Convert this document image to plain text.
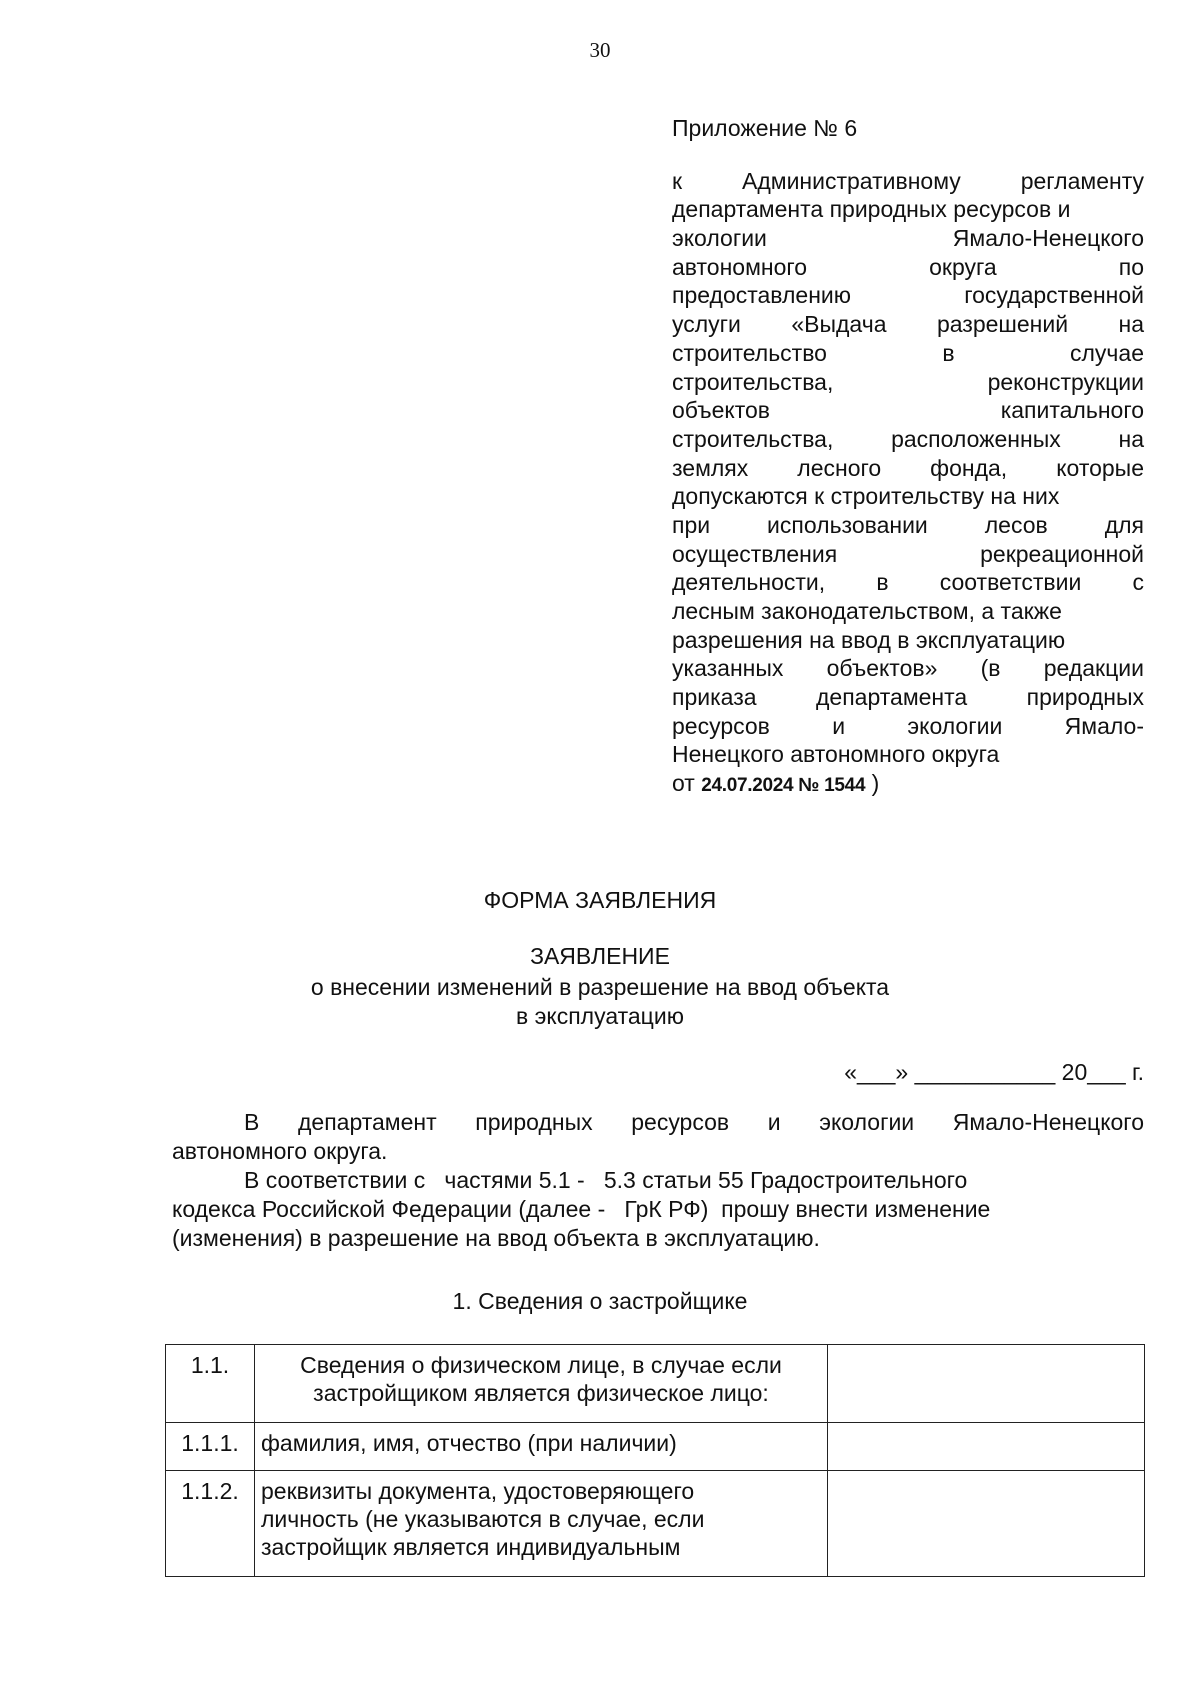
30
Приложение № 6
к Административному регламенту
департамента природных ресурсов и
экологии Ямало-Ненецкого
автономного округа по
предоставлению государственной
услуги «Выдача разрешений на
строительство в случае
строительства, реконструкции
объектов капитального
строительства, расположенных на
землях лесного фонда, которые
допускаются к строительству на них
при использовании лесов для
осуществления рекреационной
деятельности, в соответствии с
лесным законодательством, а также
разрешения на ввод в эксплуатацию
указанных объектов» (в редакции
приказа департамента природных
ресурсов и экологии Ямало-
Ненецкого автономного округа
от 24.07.2024 № 1544 )
ФОРМА ЗАЯВЛЕНИЯ
ЗАЯВЛЕНИЕ
о внесении изменений в разрешение на ввод объекта
в эксплуатацию
«___» ___________ 20___ г.
В департамент природных ресурсов и экологии Ямало-Ненецкого
автономного округа.
В соответствии с   частями 5.1 -   5.3 статьи 55 Градостроительного
кодекса Российской Федерации (далее -   ГрК РФ)  прошу внести изменение
(изменения) в разрешение на ввод объекта в эксплуатацию.
1. Сведения о застройщике
1.1.	Сведения о физическом лице, в случае если
застройщиком является физическое лицо:	

1.1.1.	фамилия, имя, отчество (при наличии)	

1.1.2.	реквизиты документа, удостоверяющего
личность (не указываются в случае, если
застройщик является индивидуальным	
